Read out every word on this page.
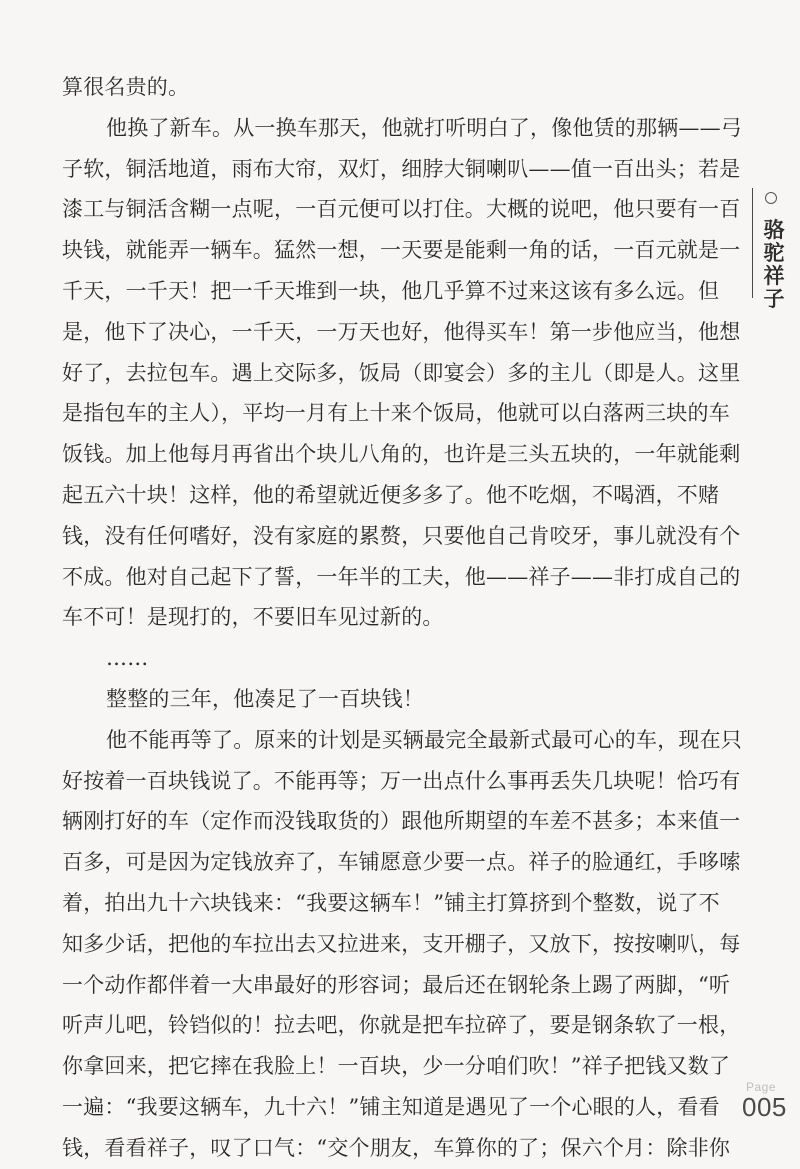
算很名贵的。
他换了新车。从一换车那天，他就打听明白了，像他赁的那辆——弓
子软，铜活地道，雨布大帘，双灯，细脖大铜喇叭——值一百出头；若是
漆工与铜活含糊一点呢，一百元便可以打住。大概的说吧，他只要有一百
块钱，就能弄一辆车。猛然一想，一天要是能剩一角的话，一百元就是一
千天，一千天！把一千天堆到一块，他几乎算不过来这该有多么远。但
是，他下了决心，一千天，一万天也好，他得买车！第一步他应当，他想
好了，去拉包车。遇上交际多，饭局（即宴会）多的主儿（即是人。这里
是指包车的主人），平均一月有上十来个饭局，他就可以白落两三块的车
饭钱。加上他每月再省出个块儿八角的，也许是三头五块的，一年就能剩
起五六十块！这样，他的希望就近便多多了。他不吃烟，不喝酒，不赌
钱，没有任何嗜好，没有家庭的累赘，只要他自己肯咬牙，事儿就没有个
不成。他对自己起下了誓，一年半的工夫，他——祥子——非打成自己的
车不可！是现打的，不要旧车见过新的。
……
整整的三年，他凑足了一百块钱！
他不能再等了。原来的计划是买辆最完全最新式最可心的车，现在只
好按着一百块钱说了。不能再等；万一出点什么事再丢失几块呢！恰巧有
辆刚打好的车（定作而没钱取货的）跟他所期望的车差不甚多；本来值一
百多，可是因为定钱放弃了，车铺愿意少要一点。祥子的脸通红，手哆嗦
着，拍出九十六块钱来：“我要这辆车！”铺主打算挤到个整数，说了不
知多少话，把他的车拉出去又拉进来，支开棚子，又放下，按按喇叭，每
一个动作都伴着一大串最好的形容词；最后还在钢轮条上踢了两脚，“听
听声儿吧，铃铛似的！拉去吧，你就是把车拉碎了，要是钢条软了一根，
你拿回来，把它摔在我脸上！一百块，少一分咱们吹！”祥子把钱又数了
一遍：“我要这辆车，九十六！”铺主知道是遇见了一个心眼的人，看看
钱，看看祥子，叹了口气：“交个朋友，车算你的了；保六个月：除非你
骆驼祥子
Page
005
